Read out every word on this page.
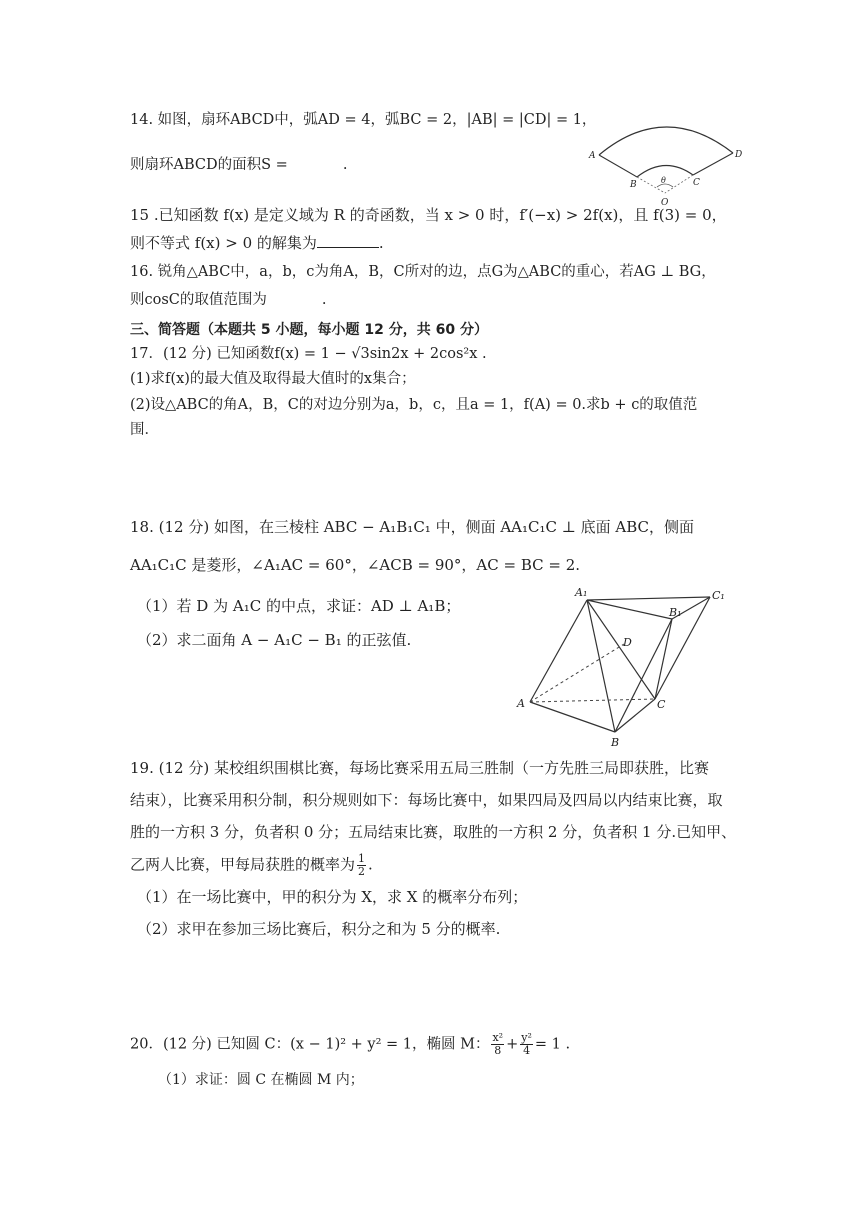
14. 如图，扇环ABCD中，弧AD = 4，弧BC = 2，|AB| = |CD| = 1，
则扇环ABCD的面积S =	.
A	D
B	C
θ
O
15 .已知函数 f(x) 是定义域为 R 的奇函数，当 x > 0 时，f′(−x) > 2f(x)，且 f(3) = 0，
则不等式 f(x) > 0 的解集为	.
16. 锐角△ABC中，a，b，c为角A，B，C所对的边，点G为△ABC的重心，若AG ⊥ BG，
则cosC的取值范围为	.
三、简答题（本题共 5 小题，每小题 12 分，共 60 分）
17．(12 分) 已知函数f(x) = 1 − √3sin2x + 2cos²x .
(1)求f(x)的最大值及取得最大值时的x集合；
(2)设△ABC的角A，B，C的对边分别为a，b，c，且a = 1，f(A) = 0.求b + c的取值范
围．
18. (12 分) 如图，在三棱柱 ABC − A₁B₁C₁ 中，侧面 AA₁C₁C ⊥ 底面 ABC，侧面
AA₁C₁C 是菱形，∠A₁AC = 60°，∠ACB = 90°，AC = BC = 2.
（1）若 D 为 A₁C 的中点，求证：AD ⊥ A₁B；
（2）求二面角 A − A₁C − B₁ 的正弦值.
A₁	C₁
B₁
D
A	C
B
19. (12 分) 某校组织围棋比赛，每场比赛采用五局三胜制（一方先胜三局即获胜，比赛
结束），比赛采用积分制，积分规则如下：每场比赛中，如果四局及四局以内结束比赛，取
胜的一方积 3 分，负者积 0 分；五局结束比赛，取胜的一方积 2 分，负者积 1 分.已知甲、
乙两人比赛，甲每局获胜的概率为 $\frac{1}{2}$ .
（1）在一场比赛中，甲的积分为 X，求 X 的概率分布列；
（2）求甲在参加三场比赛后，积分之和为 5 分的概率.
20．(12 分) 已知圆 C：(x − 1)² + y² = 1，椭圆 M： $\frac{\text{x²}}{8} + \frac{\text{y²}}{4} = 1$ .
（1）求证：圆 C 在椭圆 M 内；
